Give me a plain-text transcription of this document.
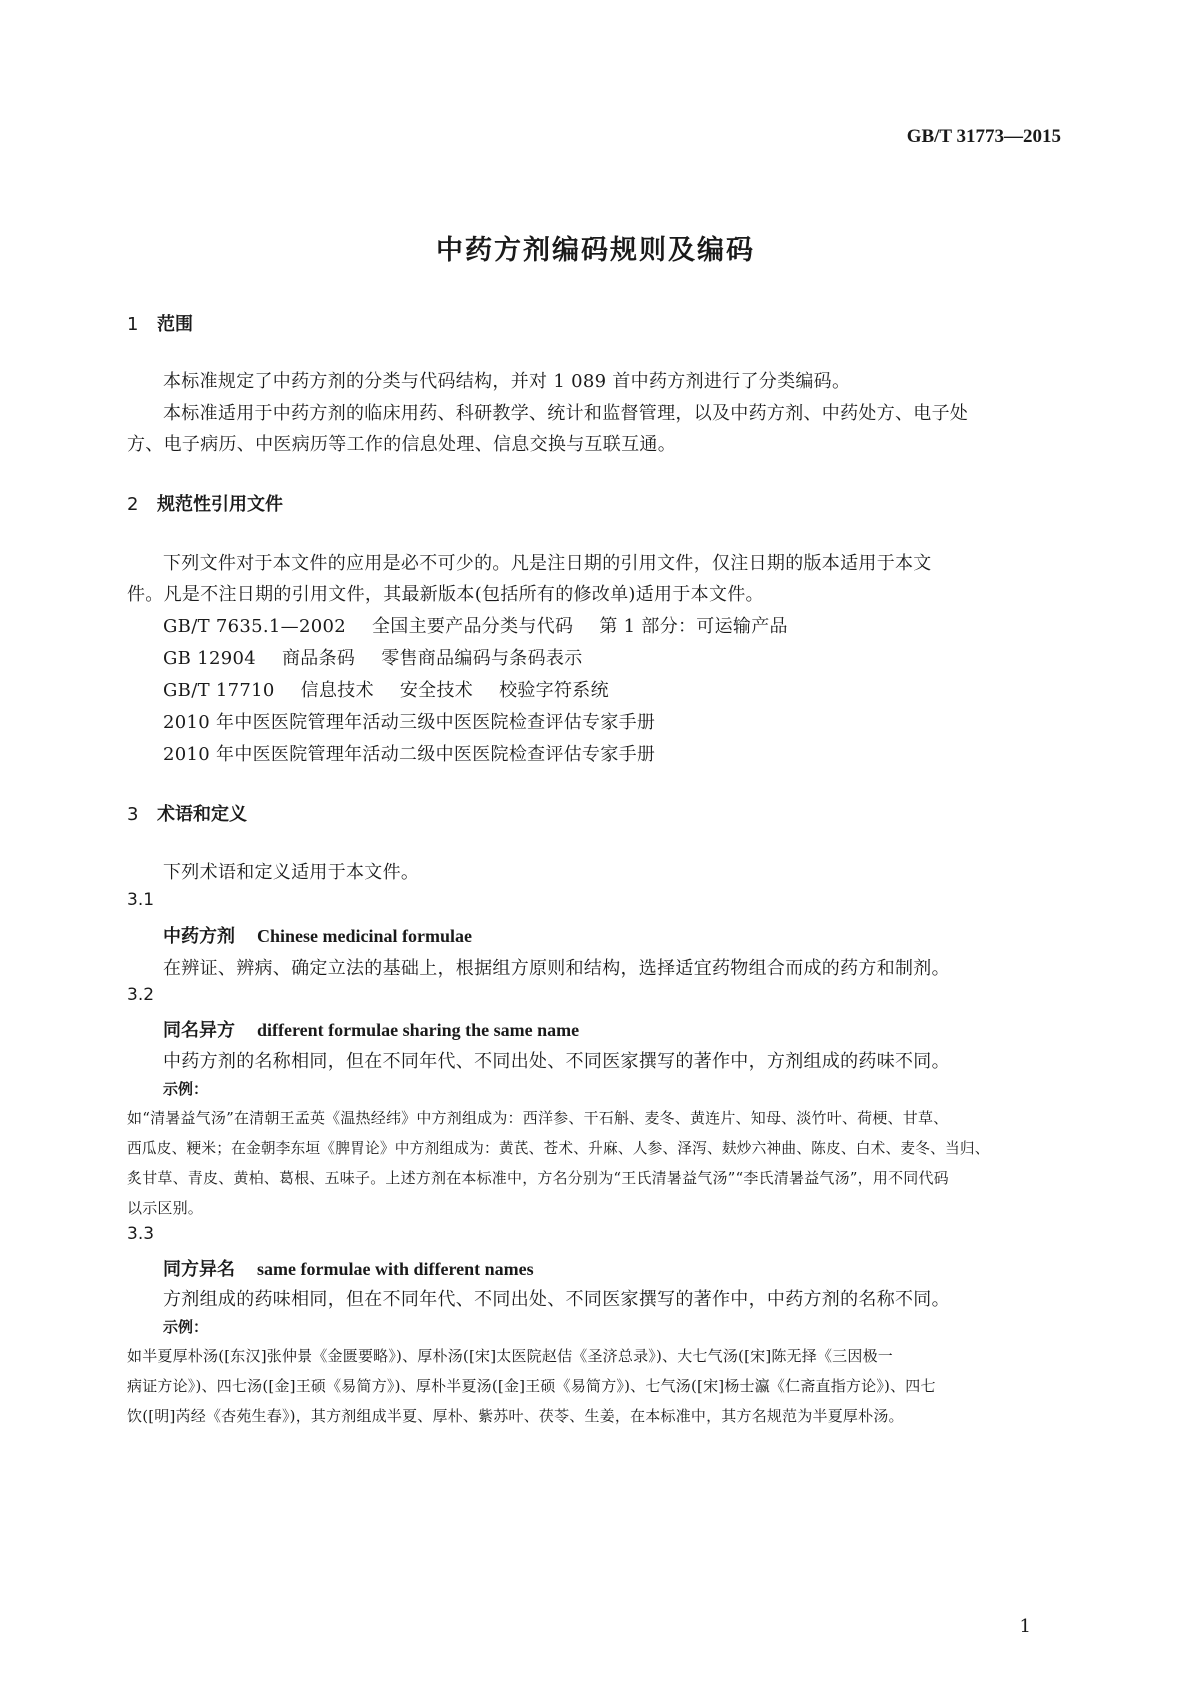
GB/T 31773—2015
中药方剂编码规则及编码
1 范围
本标准规定了中药方剂的分类与代码结构，并对 1 089 首中药方剂进行了分类编码。
本标准适用于中药方剂的临床用药、科研教学、统计和监督管理，以及中药方剂、中药处方、电子处
方、电子病历、中医病历等工作的信息处理、信息交换与互联互通。
2 规范性引用文件
下列文件对于本文件的应用是必不可少的。凡是注日期的引用文件，仅注日期的版本适用于本文
件。凡是不注日期的引用文件，其最新版本(包括所有的修改单)适用于本文件。
GB/T 7635.1—2002 全国主要产品分类与代码 第 1 部分：可运输产品
GB 12904 商品条码 零售商品编码与条码表示
GB/T 17710 信息技术 安全技术 校验字符系统
2010 年中医医院管理年活动三级中医医院检查评估专家手册
2010 年中医医院管理年活动二级中医医院检查评估专家手册
3 术语和定义
下列术语和定义适用于本文件。
3.1
中药方剂 Chinese medicinal formulae
在辨证、辨病、确定立法的基础上，根据组方原则和结构，选择适宜药物组合而成的药方和制剂。
3.2
同名异方 different formulae sharing the same name
中药方剂的名称相同，但在不同年代、不同出处、不同医家撰写的著作中，方剂组成的药味不同。
示例：
如“清暑益气汤”在清朝王孟英《温热经纬》中方剂组成为：西洋参、干石斛、麦冬、黄连片、知母、淡竹叶、荷梗、甘草、
西瓜皮、粳米；在金朝李东垣《脾胃论》中方剂组成为：黄芪、苍术、升麻、人参、泽泻、麸炒六神曲、陈皮、白术、麦冬、当归、
炙甘草、青皮、黄柏、葛根、五味子。上述方剂在本标准中，方名分别为“王氏清暑益气汤”“李氏清暑益气汤”，用不同代码
以示区别。
3.3
同方异名 same formulae with different names
方剂组成的药味相同，但在不同年代、不同出处、不同医家撰写的著作中，中药方剂的名称不同。
示例：
如半夏厚朴汤([东汉]张仲景《金匮要略》)、厚朴汤([宋]太医院赵佶《圣济总录》)、大七气汤([宋]陈无择《三因极一
病证方论》)、四七汤([金]王硕《易简方》)、厚朴半夏汤([金]王硕《易简方》)、七气汤([宋]杨士瀛《仁斋直指方论》)、四七
饮([明]芮经《杏苑生春》)，其方剂组成半夏、厚朴、紫苏叶、茯苓、生姜，在本标准中，其方名规范为半夏厚朴汤。
1
